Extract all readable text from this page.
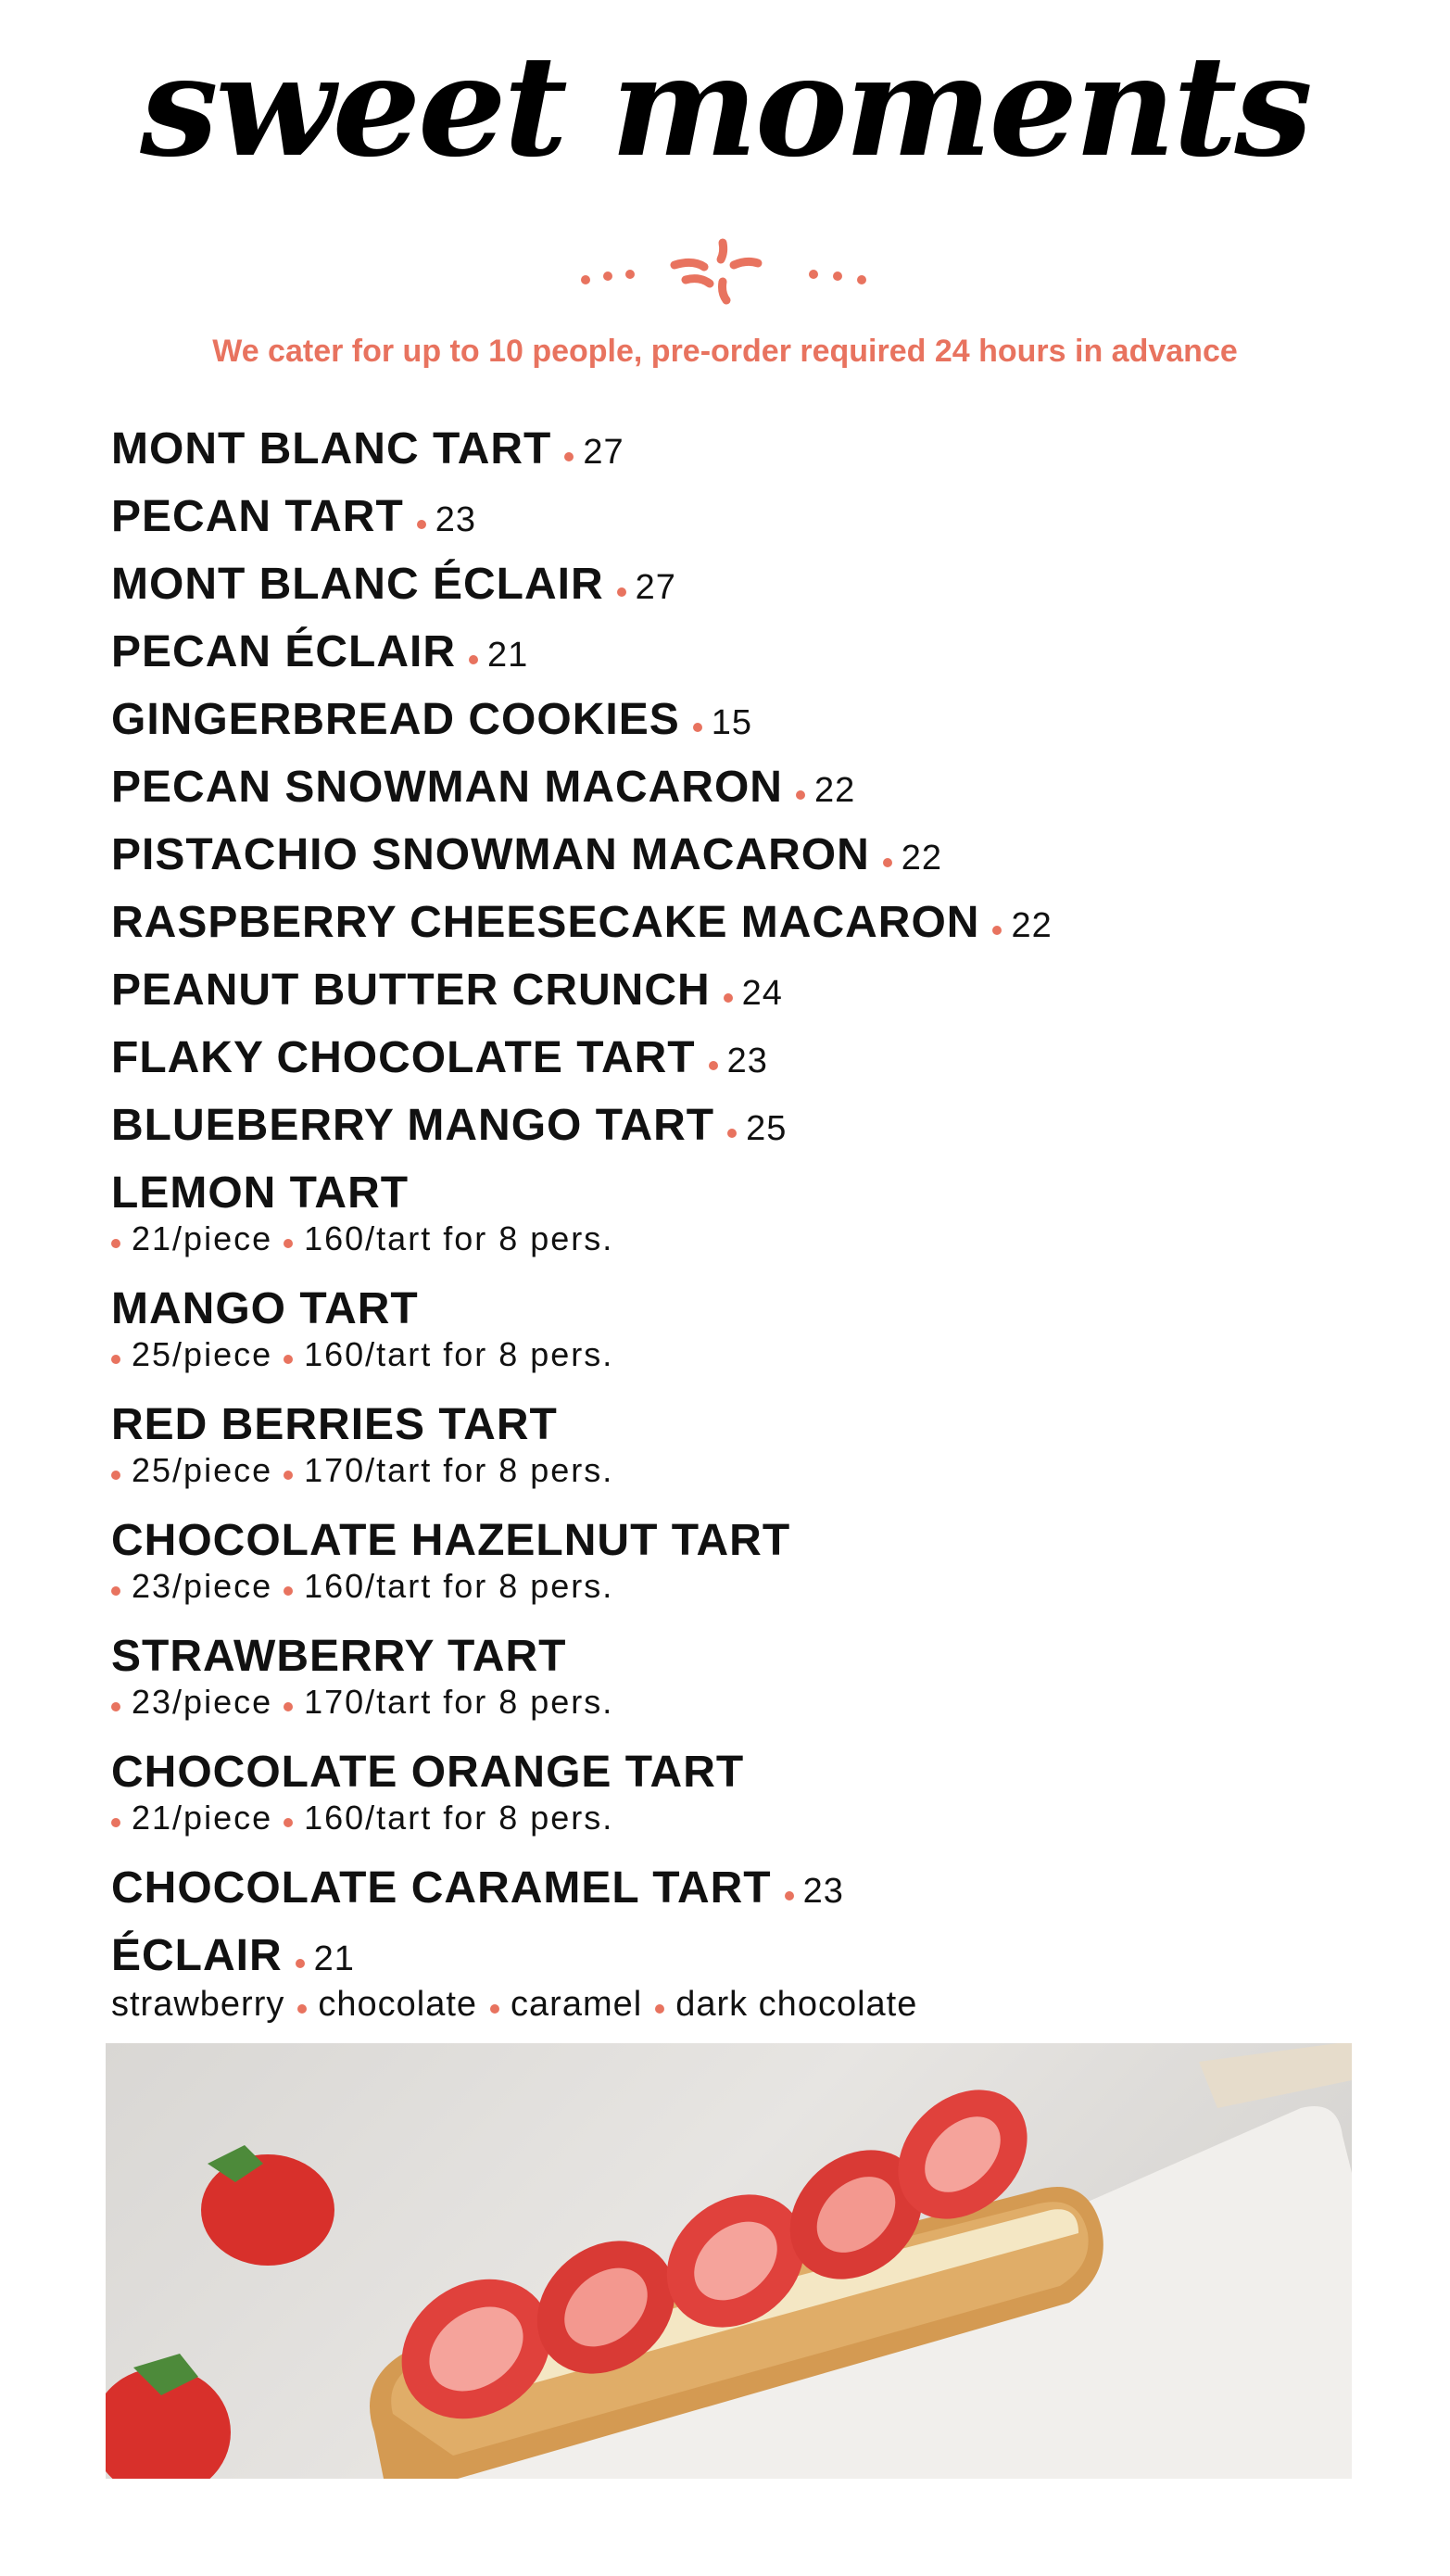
sweet moments
We cater for up to 10 people, pre-order required 24 hours in advance
MONT BLANC TART 27
PECAN TART 23
MONT BLANC ÉCLAIR 27
PECAN ÉCLAIR 21
GINGERBREAD COOKIES 15
PECAN SNOWMAN MACARON 22
PISTACHIO SNOWMAN MACARON 22
RASPBERRY CHEESECAKE MACARON 22
PEANUT BUTTER CRUNCH 24
FLAKY CHOCOLATE TART 23
BLUEBERRY MANGO TART 25
LEMON TART
21/piece 160/tart for 8 pers.
MANGO TART
25/piece 160/tart for 8 pers.
RED BERRIES TART
25/piece 170/tart for 8 pers.
CHOCOLATE HAZELNUT TART
23/piece 160/tart for 8 pers.
STRAWBERRY TART
23/piece 170/tart for 8 pers.
CHOCOLATE ORANGE TART
21/piece 160/tart for 8 pers.
CHOCOLATE CARAMEL TART 23
ÉCLAIR 21
strawberry chocolate caramel dark chocolate
